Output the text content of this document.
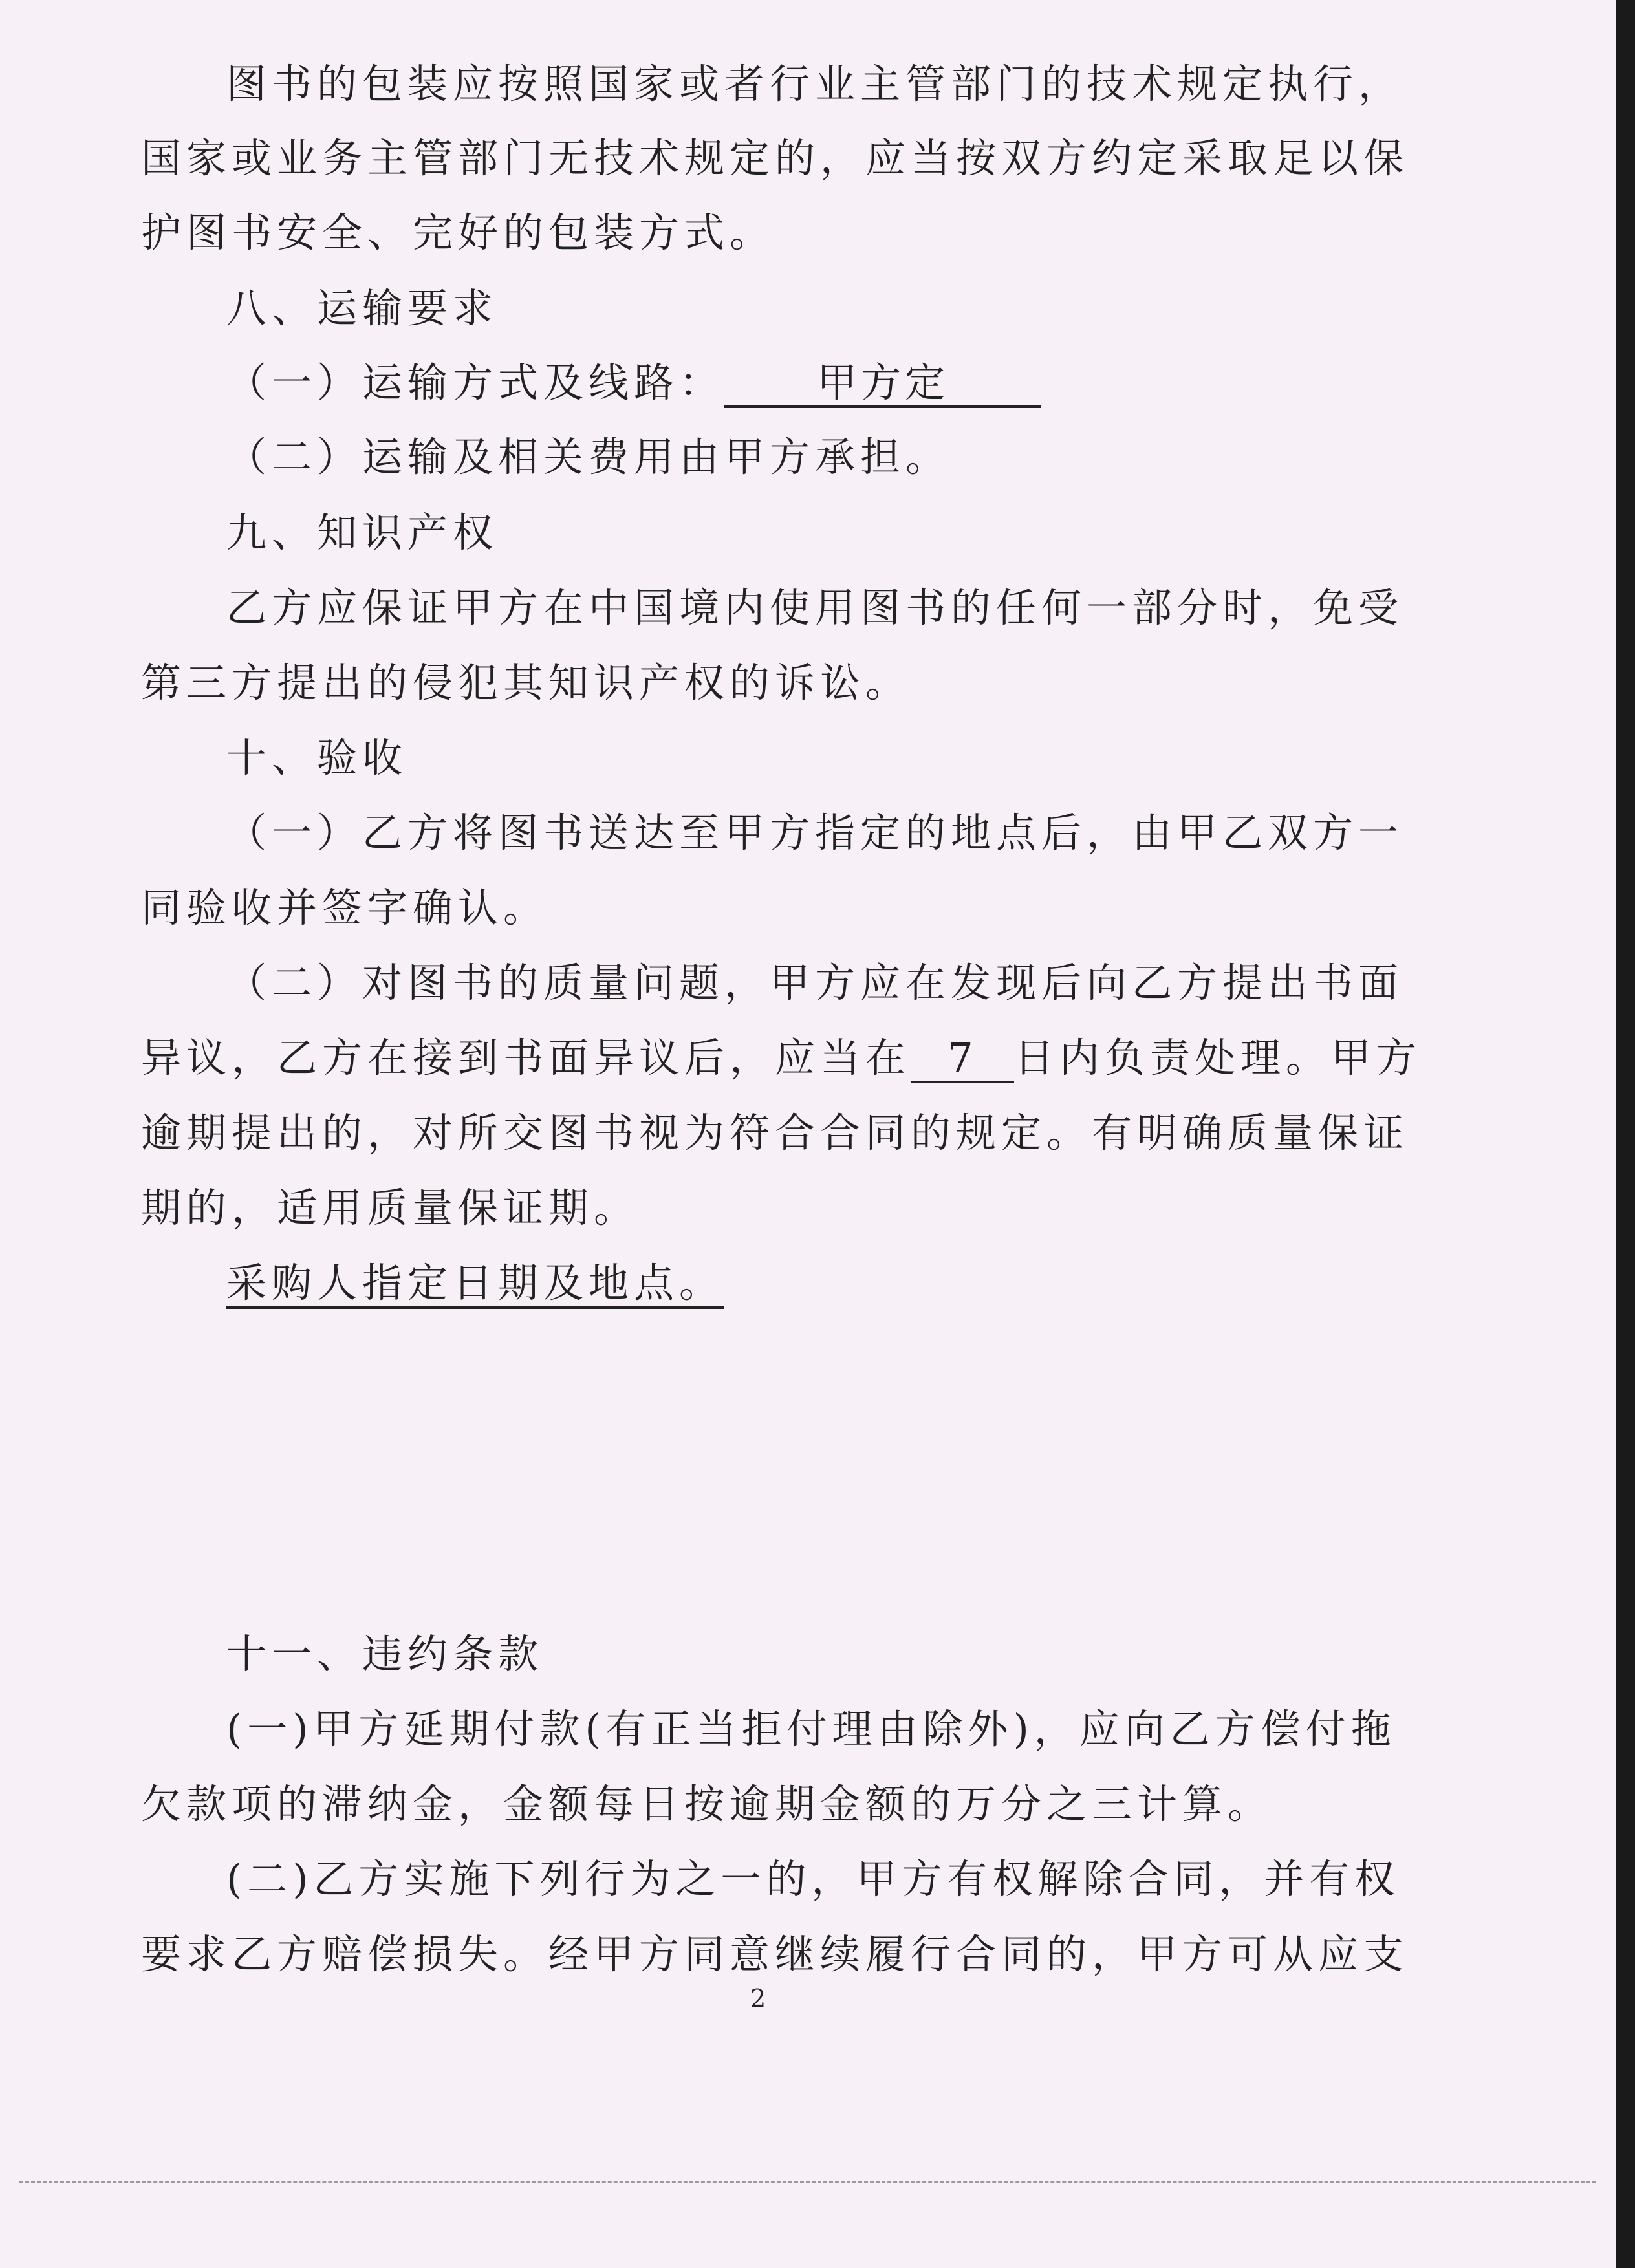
图书的包装应按照国家或者行业主管部门的技术规定执行，
国家或业务主管部门无技术规定的，应当按双方约定采取足以保
护图书安全、完好的包装方式。
八、运输要求
（一）运输方式及线路： 甲方定
（二）运输及相关费用由甲方承担。
九、知识产权
乙方应保证甲方在中国境内使用图书的任何一部分时，免受
第三方提出的侵犯其知识产权的诉讼。
十、验收
（一）乙方将图书送达至甲方指定的地点后，由甲乙双方一
同验收并签字确认。
（二）对图书的质量问题，甲方应在发现后向乙方提出书面
异议，乙方在接到书面异议后，应当在 7 日内负责处理。甲方
逾期提出的，对所交图书视为符合合同的规定。有明确质量保证
期的，适用质量保证期。
采购人指定日期及地点。
十一、违约条款
(一)甲方延期付款(有正当拒付理由除外)，应向乙方偿付拖
欠款项的滞纳金，金额每日按逾期金额的万分之三计算。
(二)乙方实施下列行为之一的，甲方有权解除合同，并有权
要求乙方赔偿损失。经甲方同意继续履行合同的，甲方可从应支
2
